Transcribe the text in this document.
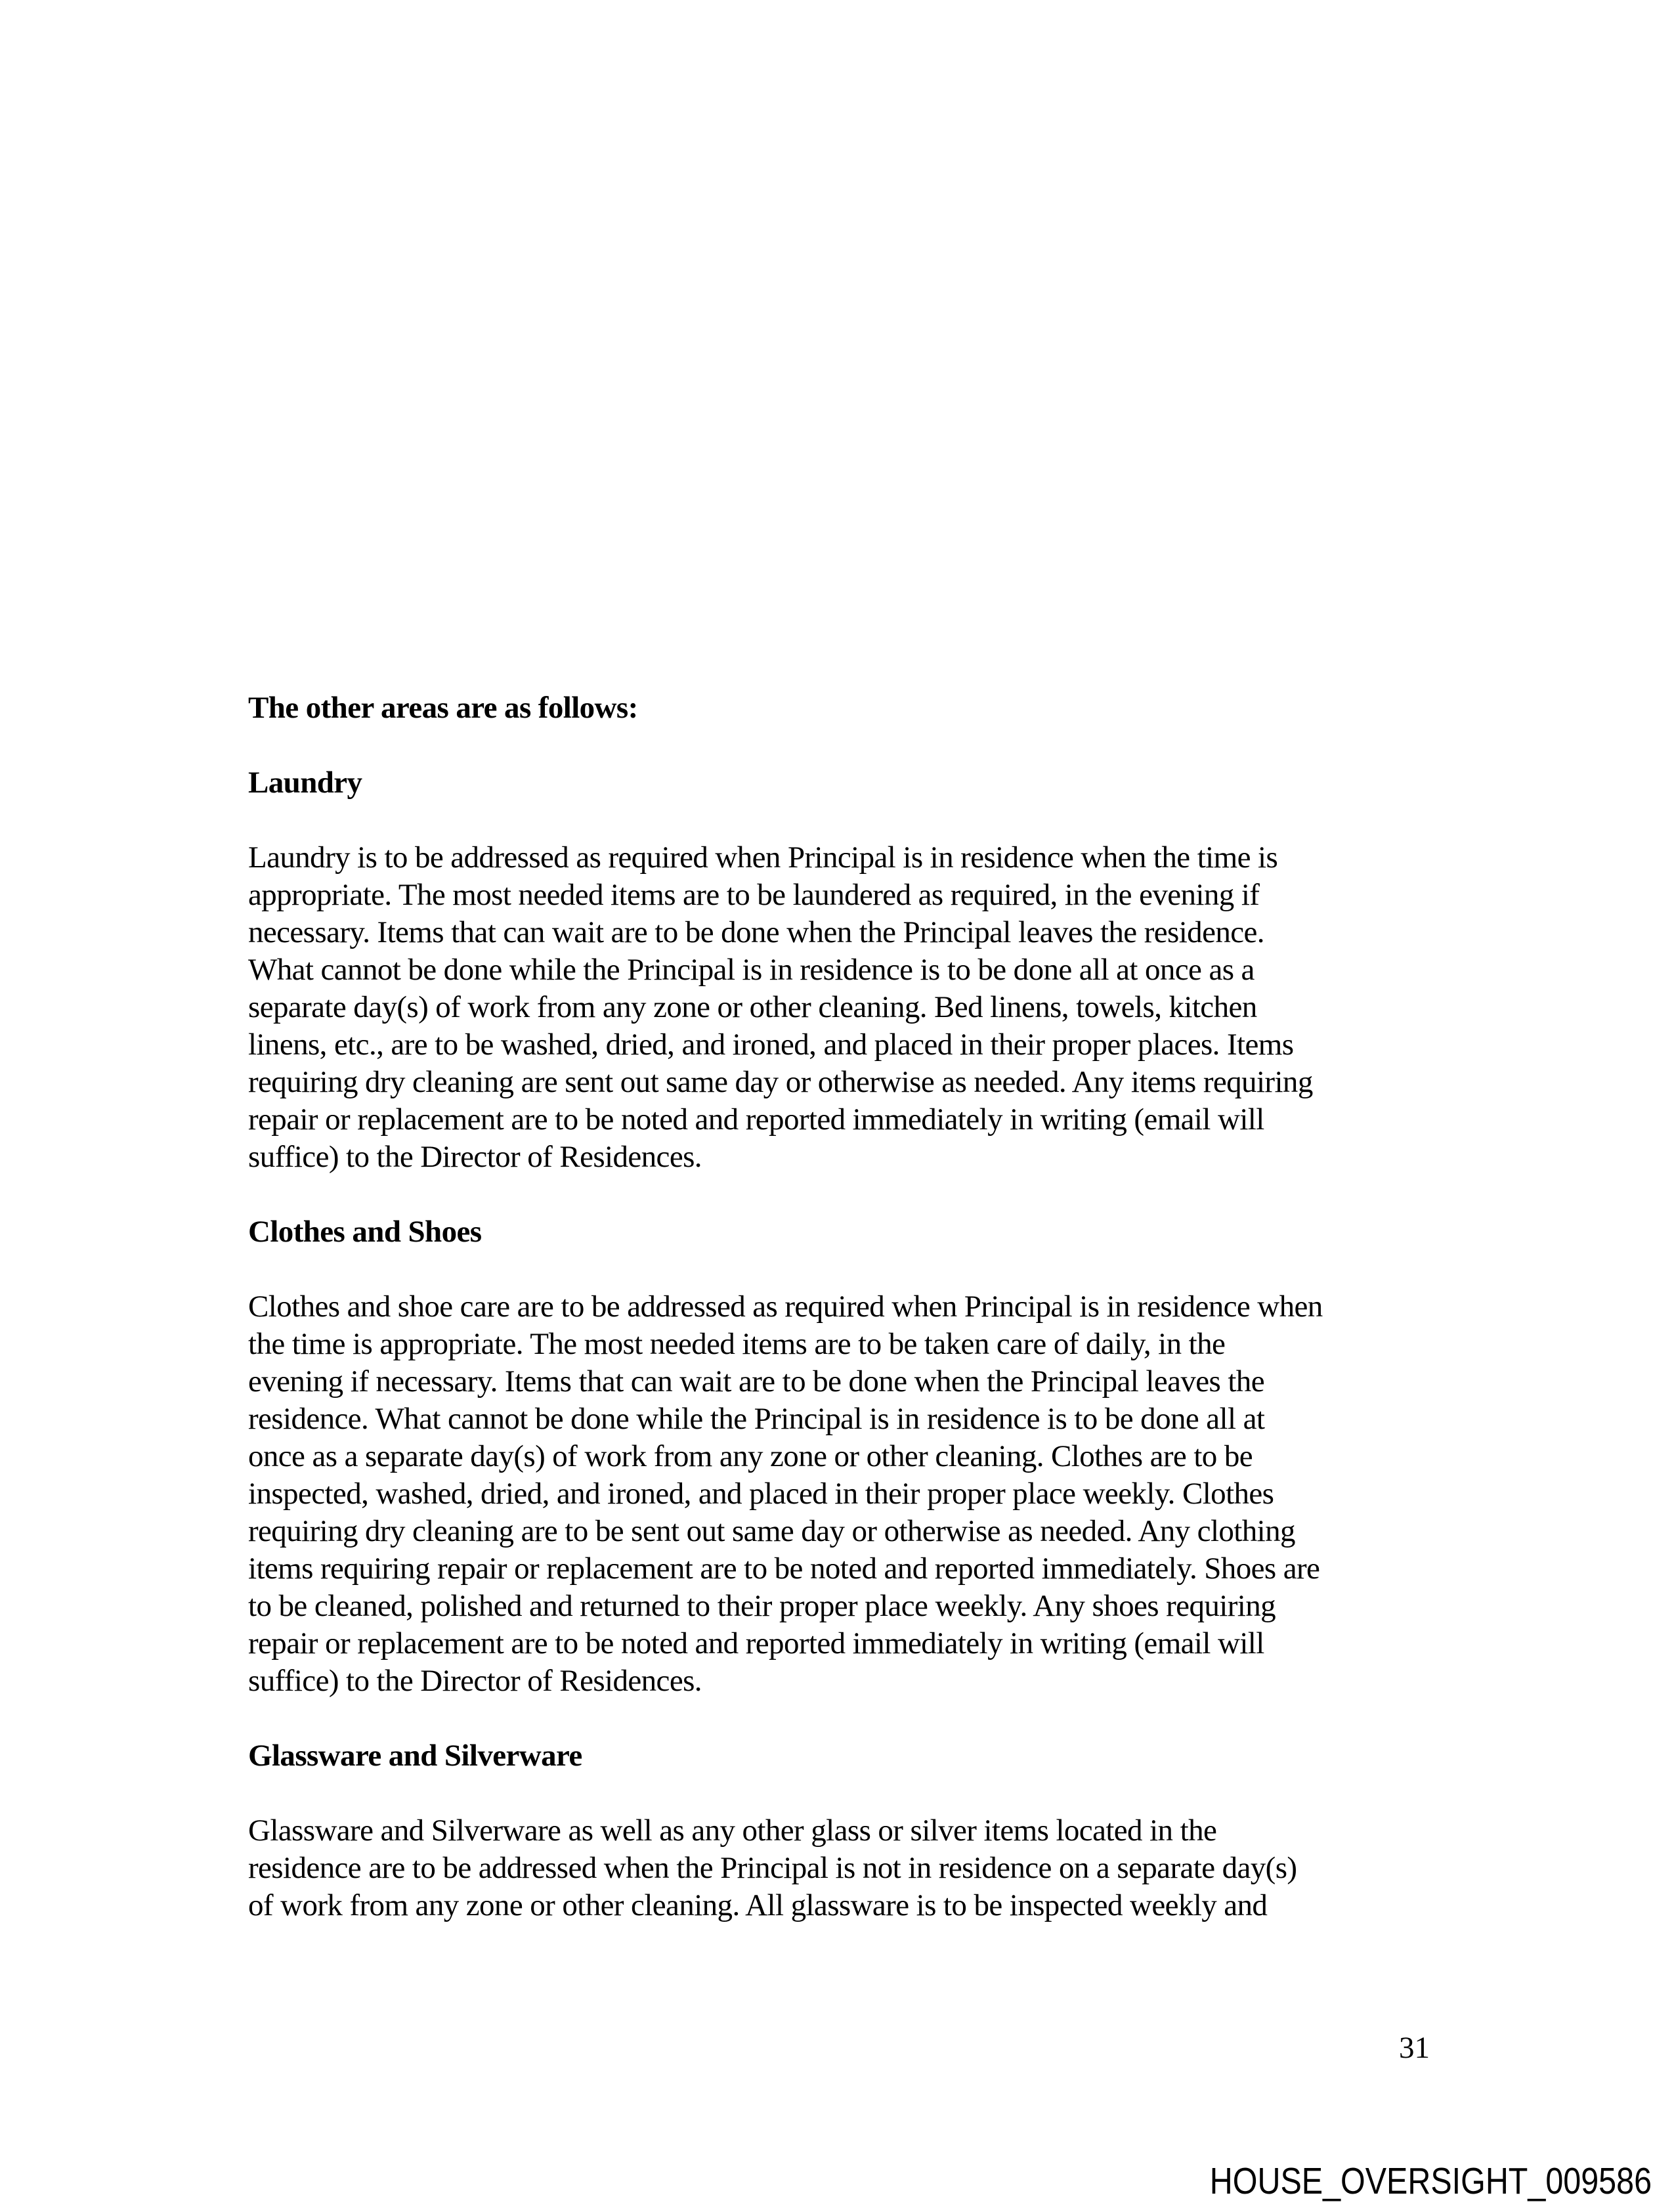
The other areas are as follows:
Laundry
Laundry is to be addressed as required when Principal is in residence when the time is
appropriate. The most needed items are to be laundered as required, in the evening if
necessary. Items that can wait are to be done when the Principal leaves the residence.
What cannot be done while the Principal is in residence is to be done all at once as a
separate day(s) of work from any zone or other cleaning. Bed linens, towels, kitchen
linens, etc., are to be washed, dried, and ironed, and placed in their proper places. Items
requiring dry cleaning are sent out same day or otherwise as needed. Any items requiring
repair or replacement are to be noted and reported immediately in writing (email will
suffice) to the Director of Residences.
Clothes and Shoes
Clothes and shoe care are to be addressed as required when Principal is in residence when
the time is appropriate. The most needed items are to be taken care of daily, in the
evening if necessary. Items that can wait are to be done when the Principal leaves the
residence. What cannot be done while the Principal is in residence is to be done all at
once as a separate day(s) of work from any zone or other cleaning. Clothes are to be
inspected, washed, dried, and ironed, and placed in their proper place weekly. Clothes
requiring dry cleaning are to be sent out same day or otherwise as needed. Any clothing
items requiring repair or replacement are to be noted and reported immediately. Shoes are
to be cleaned, polished and returned to their proper place weekly. Any shoes requiring
repair or replacement are to be noted and reported immediately in writing (email will
suffice) to the Director of Residences.
Glassware and Silverware
Glassware and Silverware as well as any other glass or silver items located in the
residence are to be addressed when the Principal is not in residence on a separate day(s)
of work from any zone or other cleaning. All glassware is to be inspected weekly and
31
HOUSE_OVERSIGHT_009586
